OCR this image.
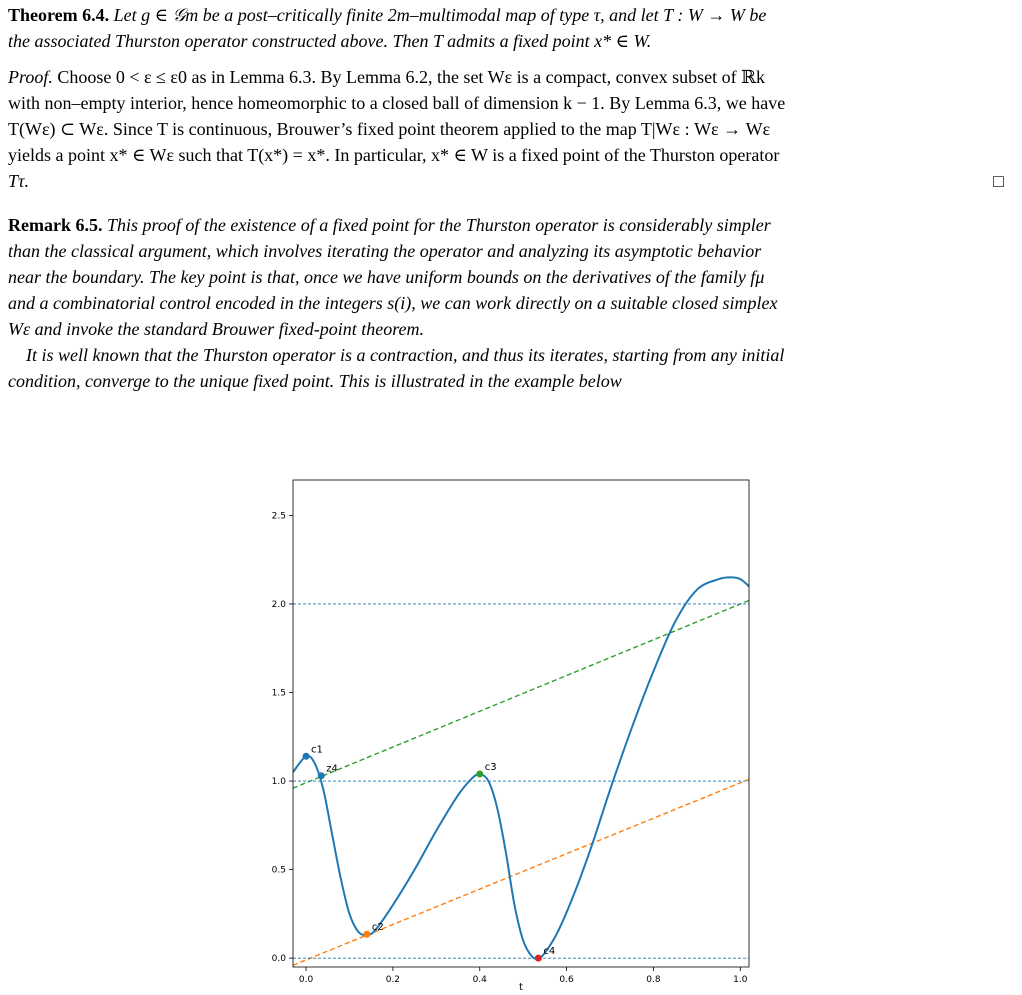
Theorem 6.4. Let g ∈ 𝒢m be a post–critically finite 2m–multimodal map of type τ, and let T : W → W be
the associated Thurston operator constructed above. Then T admits a fixed point x* ∈ W.
Proof. Choose 0 < ε ≤ ε0 as in Lemma 6.3. By Lemma 6.2, the set Wε is a compact, convex subset of ℝk
with non–empty interior, hence homeomorphic to a closed ball of dimension k − 1. By Lemma 6.3, we have
T(Wε) ⊂ Wε. Since T is continuous, Brouwer’s fixed point theorem applied to the map T|Wε : Wε → Wε
yields a point x* ∈ Wε such that T(x*) = x*. In particular, x* ∈ W is a fixed point of the Thurston operator
Tτ.	□
Remark 6.5. This proof of the existence of a fixed point for the Thurston operator is considerably simpler
than the classical argument, which involves iterating the operator and analyzing its asymptotic behavior
near the boundary. The key point is that, once we have uniform bounds on the derivatives of the family fμ
and a combinatorial control encoded in the integers s(i), we can work directly on a suitable closed simplex
Wε and invoke the standard Brouwer fixed-point theorem.
It is well known that the Thurston operator is a contraction, and thus its iterates, starting from any initial
condition, converge to the unique fixed point. This is illustrated in the example below
c1
z4
c2
c3
c4
0.0	0.2	0.4	0.6	0.8	1.0
0.0
0.5
1.0
1.5
2.0
2.5
t
